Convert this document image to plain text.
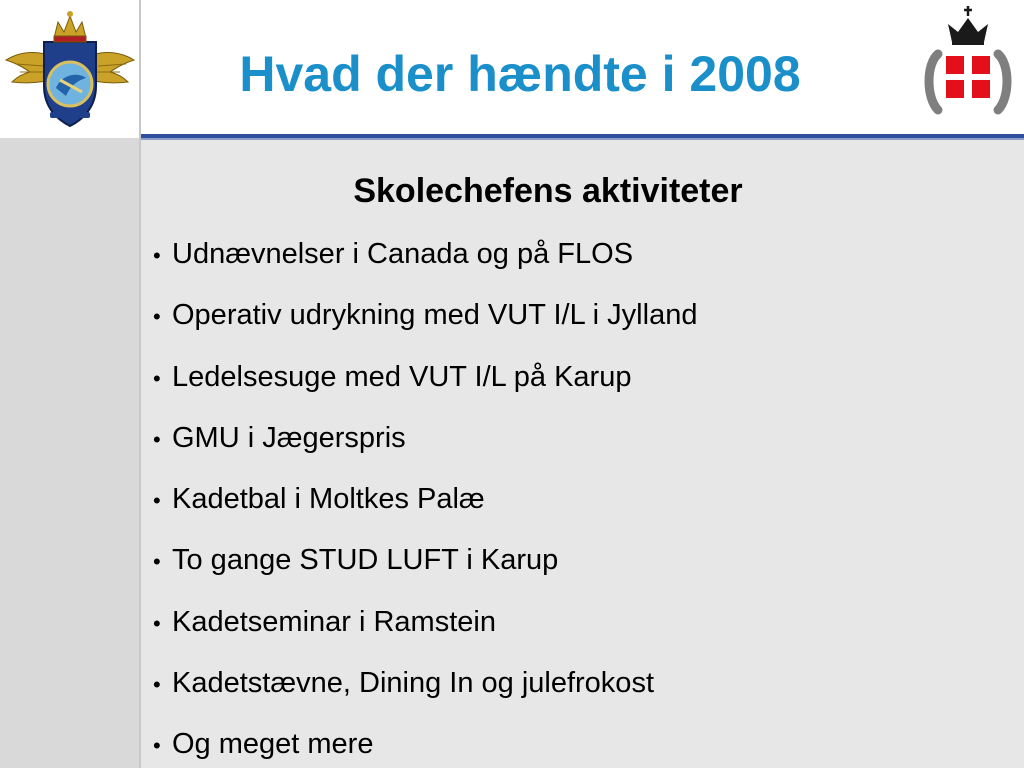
Hvad der hændte i 2008
Skolechefens aktiviteter
• Udnævnelser i Canada og på FLOS
• Operativ udrykning med VUT I/L i Jylland
• Ledelsesuge med VUT I/L på Karup
• GMU i Jægerspris
• Kadetbal i Moltkes Palæ
• To gange STUD LUFT i Karup
• Kadetseminar i Ramstein
• Kadetstævne, Dining In og julefrokost
• Og meget mere
